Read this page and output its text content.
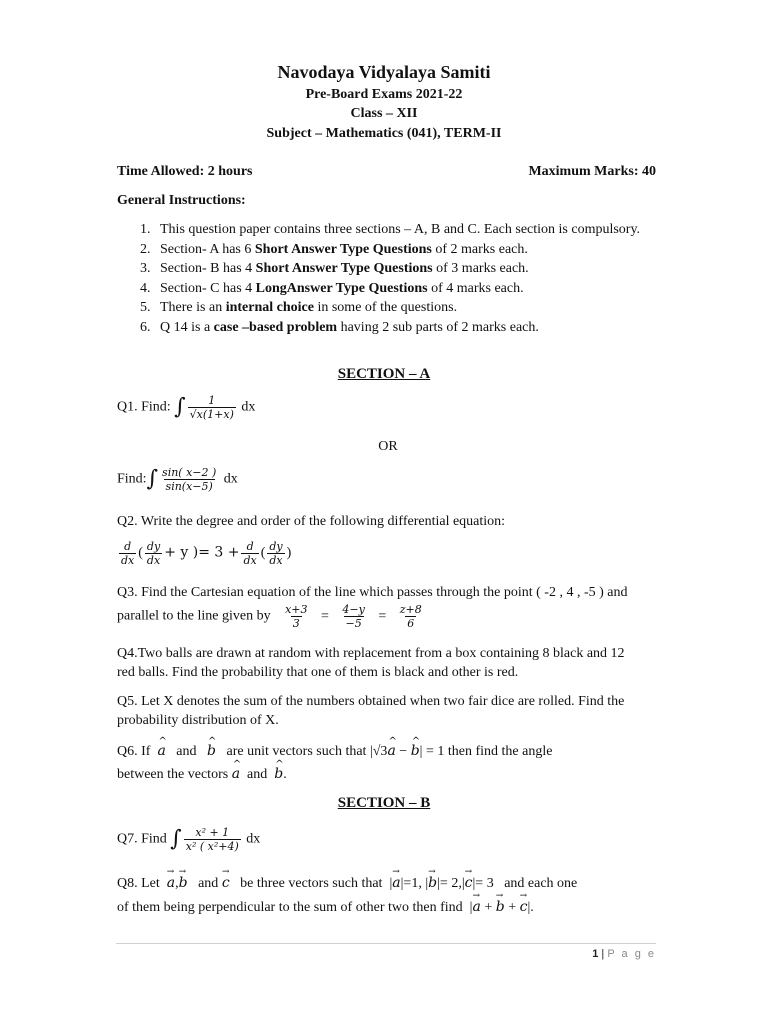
Navodaya Vidyalaya Samiti
Pre-Board Exams 2021-22
Class – XII
Subject – Mathematics (041), TERM-II
Time Allowed: 2 hours	Maximum Marks: 40
General Instructions:
1. This question paper contains three sections – A, B and C. Each section is compulsory.
2. Section- A has 6 Short Answer Type Questions of 2 marks each.
3. Section- B has 4 Short Answer Type Questions of 3 marks each.
4. Section- C has 4 LongAnswer Type Questions of 4 marks each.
5. There is an internal choice in some of the questions.
6. Q 14 is a case –based problem having 2 sub parts of 2 marks each.
SECTION – A
Q1. Find: ∫ $\frac{1}{√x(1+x)}$ dx
OR
Find:∫ $\frac{\sin( x-2 )}{\sin(x-5)}$ dx
Q2. Write the degree and order of the following differential equation:
$\frac{d}{dx}$ ( $\frac{dy}{dx} + y$ )= $3 + \frac{d}{dx}$ ( $\frac{dy}{dx}$ )
Q3. Find the Cartesian equation of the line which passes through the point ( -2 , 4 , -5 ) and
parallel to the line given by $\frac{x+3}{3} = \frac{4-y}{-5} = \frac{z+8}{6}$
Q4.Two balls are drawn at random with replacement from a box containing 8 black and 12
red balls. Find the probability that one of them is black and other is red.
Q5. Let X denotes the sum of the numbers obtained when two fair dice are rolled. Find the
probability distribution of X.
Q6. If ^ a and ^ b are unit vectors such that |√3^ a − ^ b| = 1 then find the angle
between the vectors ^ a and ^ b.
SECTION – B
Q7. Find ∫ $\frac{\text{x² + 1}}{\text{x² ( x²+4)}}$ dx
Q8. Let → a,→ b and → c be three vectors such that  |→ a|=1, |→ b|= 2,|→ c|= 3 and each one
of them being perpendicular to the sum of other two then find  |→ a + → b + → c|.
1 | P a g e
